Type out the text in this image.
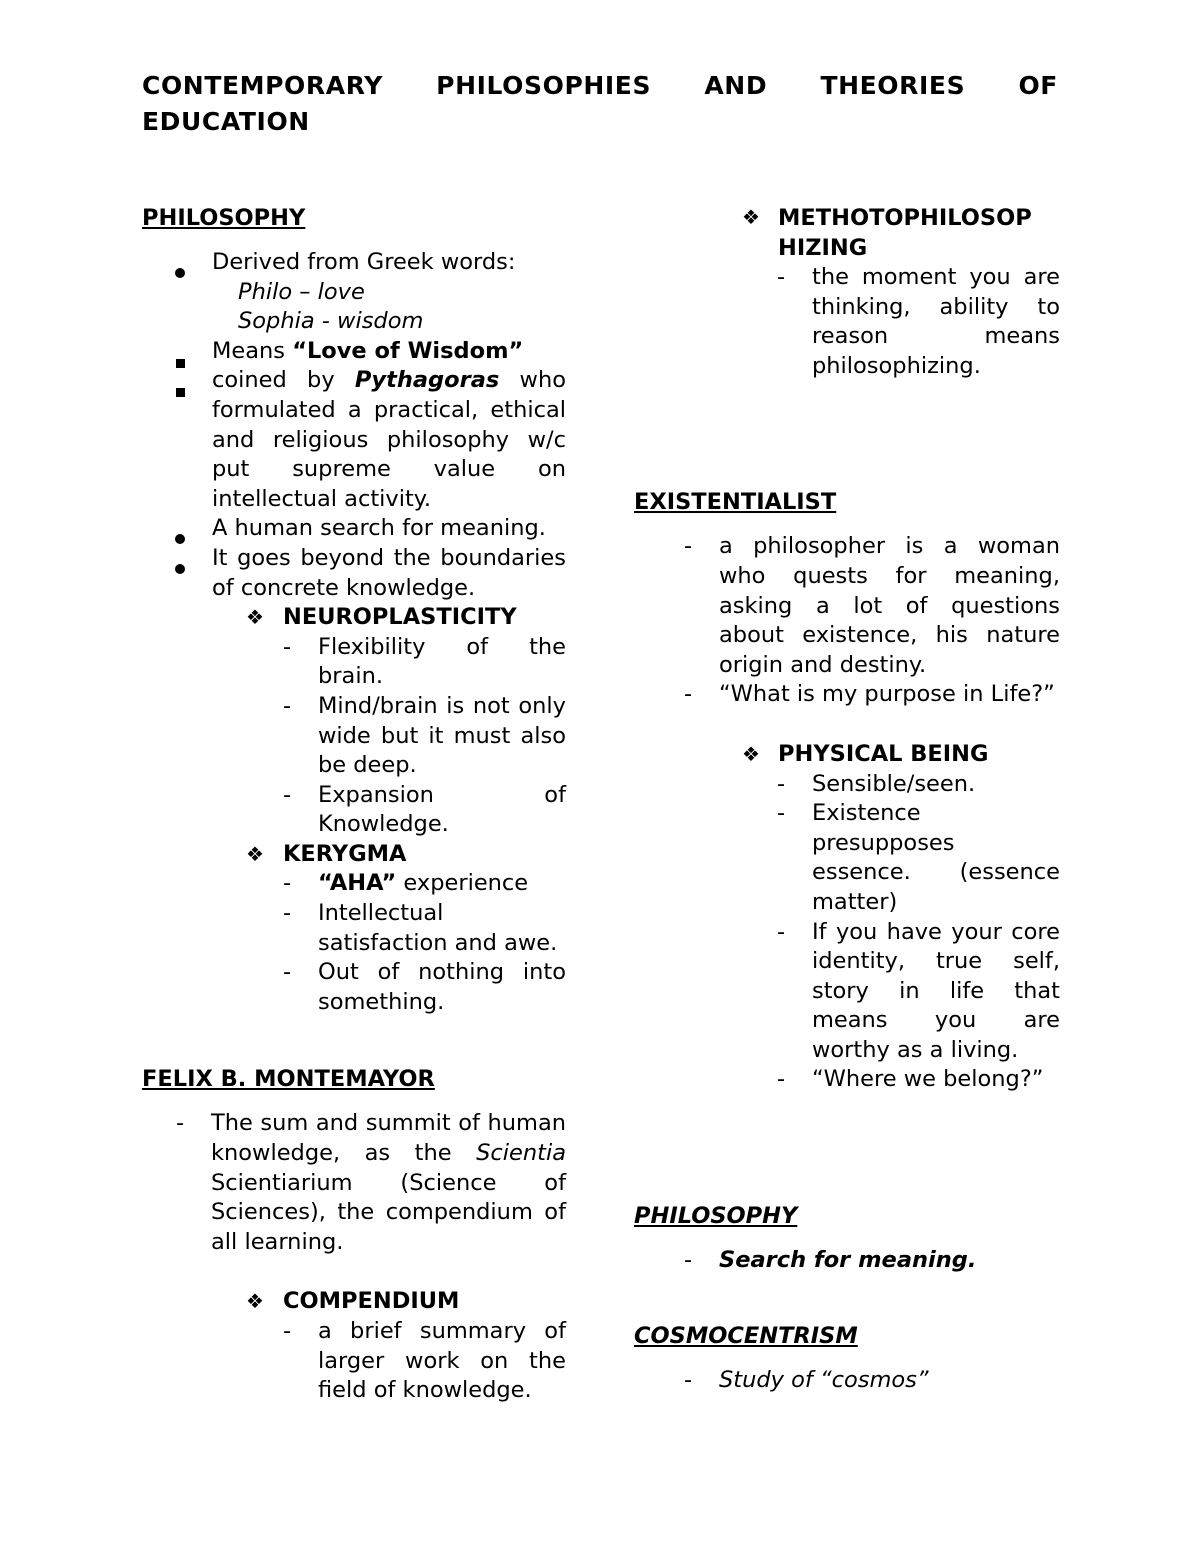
CONTEMPORARY PHILOSOPHIES AND THEORIES OF EDUCATION
PHILOSOPHY
Derived from Greek words:
Philo – love
Sophia - wisdom
Means “Love of Wisdom”
coined by Pythagoras who formulated a practical, ethical and religious philosophy w/c put supreme value on intellectual activity.
A human search for meaning.
It goes beyond the boundaries of concrete knowledge.
❖ NEUROPLASTICITY
- Flexibility of the brain.
- Mind/brain is not only wide but it must also be deep.
- Expansion of Knowledge.
❖ KERYGMA
- “AHA” experience
- Intellectual satisfaction and awe.
- Out of nothing into something.
FELIX B. MONTEMAYOR
- The sum and summit of human knowledge, as the Scientia Scientiarium (Science of Sciences), the compendium of all learning.
❖ COMPENDIUM
- a brief summary of larger work on the field of knowledge.
❖ METHOTOPHILOSOP HIZING
- the moment you are thinking, ability to reason means philosophizing.
EXISTENTIALIST
- a philosopher is a woman who quests for meaning, asking a lot of questions about existence, his nature origin and destiny.
- “What is my purpose in Life?”
❖ PHYSICAL BEING
- Sensible/seen.
- Existence presupposes essence. (essence matter)
- If you have your core identity, true self, story in life that means you are worthy as a living.
- “Where we belong?”
PHILOSOPHY
- Search for meaning.
COSMOCENTRISM
- Study of “cosmos”
